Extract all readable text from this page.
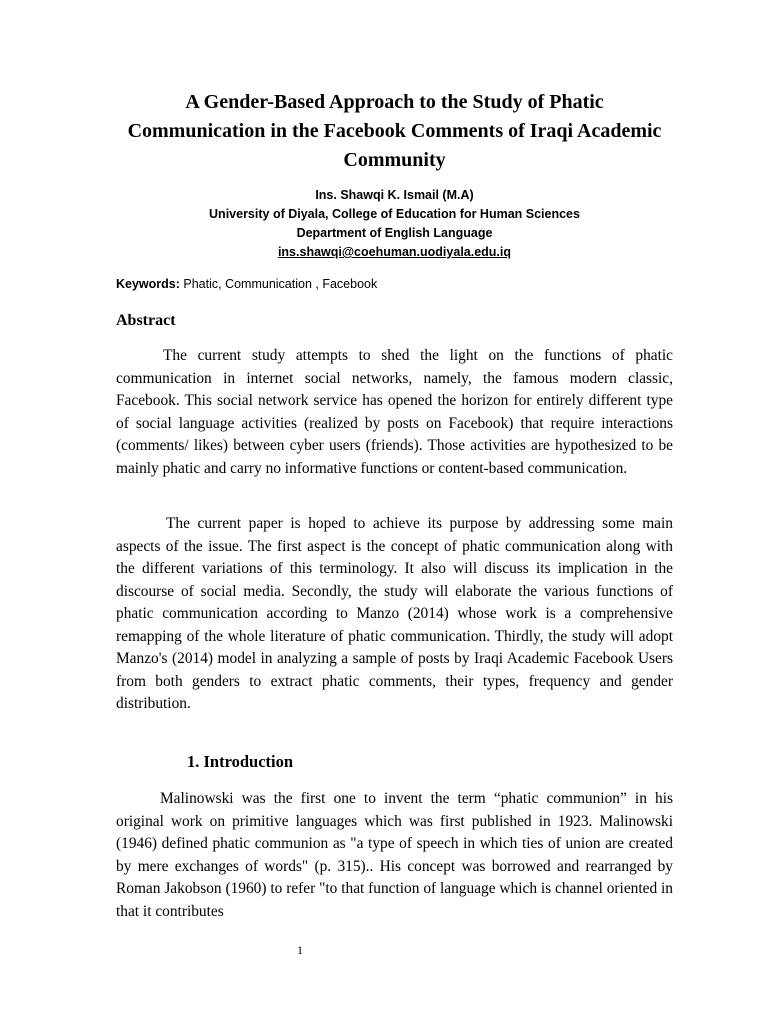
A Gender-Based Approach to the Study of Phatic Communication in the Facebook Comments of Iraqi Academic Community
Ins. Shawqi K. Ismail (M.A)
University of Diyala, College of Education for Human Sciences
Department of English Language
ins.shawqi@coehuman.uodiyala.edu.iq
Keywords: Phatic, Communication , Facebook
Abstract

The current study attempts to shed the light on the functions of phatic communication in internet social networks, namely, the famous modern classic, Facebook. This social network service has opened the horizon for entirely different type of social language activities (realized by posts on Facebook) that require interactions (comments/ likes) between cyber users (friends). Those activities are hypothesized to be mainly phatic and carry no informative functions or content-based communication.

The current paper is hoped to achieve its purpose by addressing some main aspects of the issue. The first aspect is the concept of phatic communication along with the different variations of this terminology. It also will discuss its implication in the discourse of social media. Secondly, the study will elaborate the various functions of phatic communication according to Manzo (2014) whose work is a comprehensive remapping of the whole literature of phatic communication. Thirdly, the study will adopt Manzo's (2014) model in analyzing a sample of posts by Iraqi Academic Facebook Users from both genders to extract phatic comments, their types, frequency and gender distribution.

1. Introduction

Malinowski was the first one to invent the term “phatic communion” in his original work on primitive languages which was first published in 1923. Malinowski (1946) defined phatic communion as "a type of speech in which ties of union are created by mere exchanges of words" (p. 315).. His concept was borrowed and rearranged by Roman Jakobson (1960) to refer "to that function of language which is channel oriented in that it contributes

1
